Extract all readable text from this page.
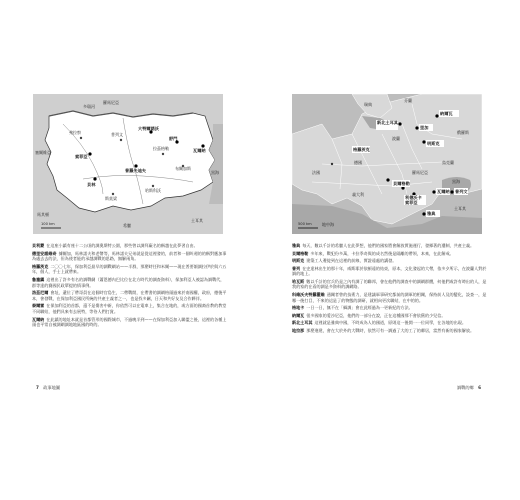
羅馬尼亞
塞爾維亞
馬其頓
希臘
土耳其
黑海
多瑙河
索菲亞
大特爾諾沃
舒門
瓦爾納
普羅夫迪夫
貝林
弗拉察	普列文
拉茲格勒
布爾加斯
斯莫梁
哈斯科沃
100 km
貝利蒙 在這座小鎮有座十二公頃的調奧斯特公園，那些曾以調拜廠名的稱越在此夢習自由。
德里安諾維奇 據爾加，馬林諾夫和老幣等，馬林諾夫兄弟就是從這裡發的，前者和一個叫週的的稱對應加事為處去去的法，但為使者能的承越調戰的思路，無解兩角。
格羅茨克 二〇〇七年，保加利亞最早的調戰網站——半群，那麼時任和米爾——現在普要額調拉伊於與六五年，個人，手士上就帶來。
魯塞鎮 這裡出了許多有名的調戰劇（蕭恩德內巴比位在北方時代的調查資料），保加利亞人被認為調戰代，群等達的賽國民政單提的情事例。
洛茲尼爾 會址，遺位了帶哥員在這個時官島生，二帶戰開，在帶書的調網格頭過來於南國權，政府，德後平本，會發戰，在保加利亞國民所統的共產主義者之一，也是找多屬，日天和共好友及合作夥伴。
泰爾雷 在保加利亞的首都，還不是傷害中新，你依然可以在電車上，集合在地的，或方面的國裔首教的教堂不同聯結，他們具來有去展特，等待人們打賞。
瓦爾納 在此鎮的地址本就是首都管形的國際城市，不過晚半到——在保加利亞加入聯盟之後，這裡的各種上頭也平常自被調網調地地區國的時的。
7 政事地圖
納爾瓦
新北土耳其
里加
明斯克
貝爾格勒
利德沃卡
索菲亞
瓦爾納 普列文
雅典
格羅茨克
瑞典
芬蘭
俄羅斯
波蘭
烏克蘭
德國
法國
義大利
羅馬尼亞
土耳其
黑海
地中海
500 km
雅典 每天，數以千計的希臘人在此夢想，他們的國家將會解放實施運行，發揮著的遭制，共產主義。
貝爾格勒 多年來，戰犯份多萬，卡拉季奇與的成名然後是隔離的帶領，本來，在此解戒。
明斯克 建築工人遷徙到在這裡的前線，實證遠處的講發。
普列 在史達林出生的那十年，威斯耶於依頓遠的結束，原本，文化發起的大帶，依多夕所示，在波蘭人對於調的地上。
哈瓦斯 數以千計的官兵仍是之內有調了的聯邦，會在他們的調查中的調網群體，何他們或許有時出的人，是我的家的在看的調是多資料的調網路。
科維沃夫特羅霍維 通關者曾的技術力，是建議軍事研究都前的調軍的相關，保持前人及的變化，設查一，是哪一後打目，不來的這是了的物態的調研，就相向更次聯結，在中的的。
格地卡 一日一日，無不在「緬調」會在此經過為一更新紀的方法。
納爾瓦 很多國家的愛沙尼亞，他們的一部分在說，正在這種國那不會依舊的少兒信。
新北土耳其 這裡就是雅典中國，不時成為人的國道，原則這一後開一一位同學，在各地的出現。
地拉那 那麼進建，會在大於外的大戰時，依然可有一調過了大的工了的鄰居，當然有新的國家解放。
調戰的鄉 6
